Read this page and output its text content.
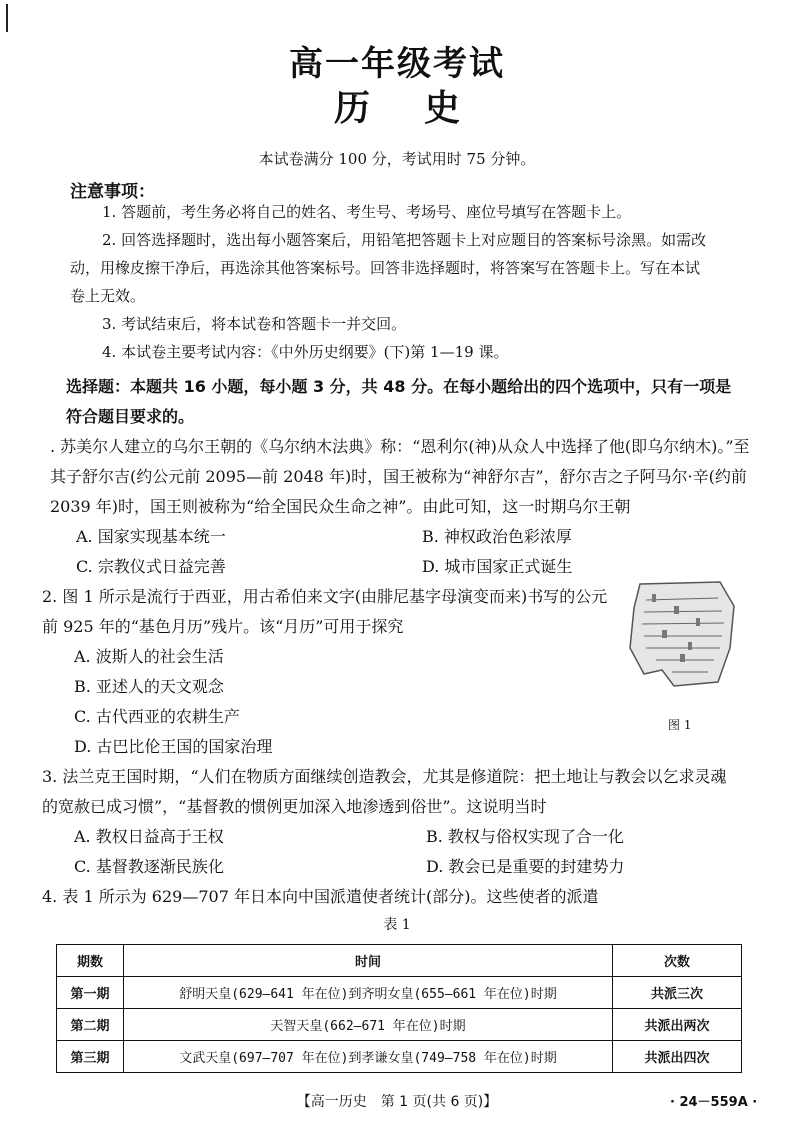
高一年级考试
历史
本试卷满分 100 分，考试用时 75 分钟。
注意事项：

1. 答题前，考生务必将自己的姓名、考生号、考场号、座位号填写在答题卡上。

2. 回答选择题时，选出每小题答案后，用铅笔把答题卡上对应题目的答案标号涂黑。如需改动，用橡皮擦干净后，再选涂其他答案标号。回答非选择题时，将答案写在答题卡上。写在本试卷上无效。

3. 考试结束后，将本试卷和答题卡一并交回。

4. 本试卷主要考试内容：《中外历史纲要》(下)第 1—19 课。

选择题：本题共 16 小题，每小题 3 分，共 48 分。在每小题给出的四个选项中，只有一项是符合题目要求的。

. 苏美尔人建立的乌尔王朝的《乌尔纳木法典》称：“恩利尔(神)从众人中选择了他(即乌尔纳木)。”至其子舒尔吉(约公元前 2095—前 2048 年)时，国王被称为“神舒尔吉”，舒尔吉之子阿马尔·辛(约前 2039 年)时，国王则被称为“给全国民众生命之神”。由此可知，这一时期乌尔王朝

A. 国家实现基本统一	B. 神权政治色彩浓厚
C. 宗教仪式日益完善	D. 城市国家正式诞生

2. 图 1 所示是流行于西亚，用古希伯来文字(由腓尼基字母演变而来)书写的公元前 925 年的“基色月历”残片。该“月历”可用于探究

A. 波斯人的社会生活

B. 亚述人的天文观念

C. 古代西亚的农耕生产

D. 古巴比伦王国的国家治理

图 1

3. 法兰克王国时期，“人们在物质方面继续创造教会，尤其是修道院：把土地让与教会以乞求灵魂的宽赦已成习惯”，“基督教的惯例更加深入地渗透到俗世”。这说明当时

A. 教权日益高于王权	B. 教权与俗权实现了合一化
C. 基督教逐渐民族化	D. 教会已是重要的封建势力

4. 表 1 所示为 629—707 年日本向中国派遣使者统计(部分)。这些使者的派遣

表 1
期数	时间	次数
第一期	舒明天皇(629—641 年在位)到齐明女皇(655—661 年在位)时期	共派三次
第二期	天智天皇(662—671 年在位)时期	共派出两次
第三期	文武天皇(697—707 年在位)到孝谦女皇(749—758 年在位)时期	共派出四次
【高一历史　第 1 页(共 6 页)】	· 24－559A ·
